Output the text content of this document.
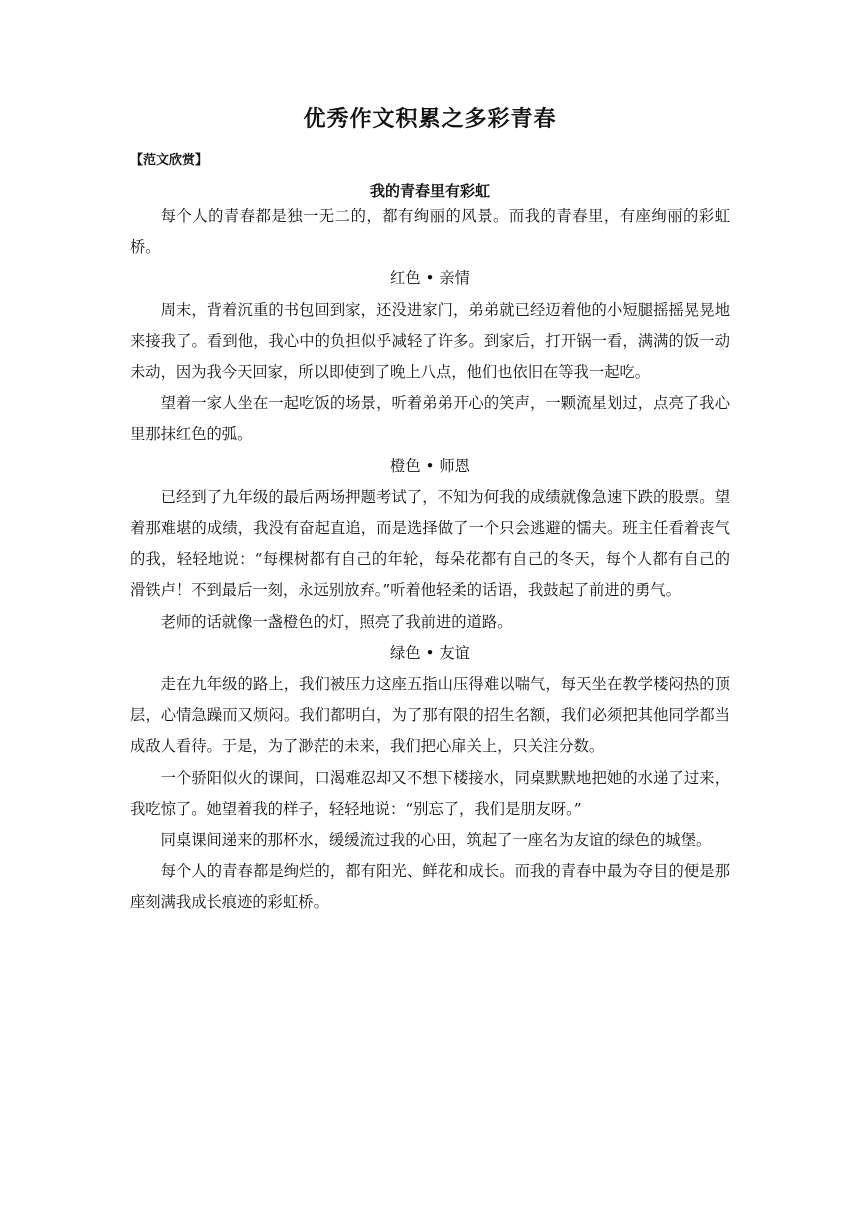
优秀作文积累之多彩青春
【范文欣赏】
我的青春里有彩虹

每个人的青春都是独一无二的，都有绚丽的风景。而我的青春里，有座绚丽的彩虹桥。

红色 • 亲情

周末，背着沉重的书包回到家，还没进家门，弟弟就已经迈着他的小短腿摇摇晃晃地来接我了。看到他，我心中的负担似乎减轻了许多。到家后，打开锅一看，满满的饭一动未动，因为我今天回家，所以即使到了晚上八点，他们也依旧在等我一起吃。

望着一家人坐在一起吃饭的场景，听着弟弟开心的笑声，一颗流星划过，点亮了我心里那抹红色的弧。

橙色 • 师恩

已经到了九年级的最后两场押题考试了，不知为何我的成绩就像急速下跌的股票。望着那难堪的成绩，我没有奋起直追，而是选择做了一个只会逃避的懦夫。班主任看着丧气的我，轻轻地说：“每棵树都有自己的年轮，每朵花都有自己的冬天，每个人都有自己的滑铁卢！不到最后一刻，永远别放弃。”听着他轻柔的话语，我鼓起了前进的勇气。

老师的话就像一盏橙色的灯，照亮了我前进的道路。

绿色 • 友谊

走在九年级的路上，我们被压力这座五指山压得难以喘气，每天坐在教学楼闷热的顶层，心情急躁而又烦闷。我们都明白，为了那有限的招生名额，我们必须把其他同学都当成敌人看待。于是，为了渺茫的未来，我们把心扉关上，只关注分数。

一个骄阳似火的课间，口渴难忍却又不想下楼接水，同桌默默地把她的水递了过来，我吃惊了。她望着我的样子，轻轻地说：“别忘了，我们是朋友呀。”

同桌课间递来的那杯水，缓缓流过我的心田，筑起了一座名为友谊的绿色的城堡。

每个人的青春都是绚烂的，都有阳光、鲜花和成长。而我的青春中最为夺目的便是那座刻满我成长痕迹的彩虹桥。
